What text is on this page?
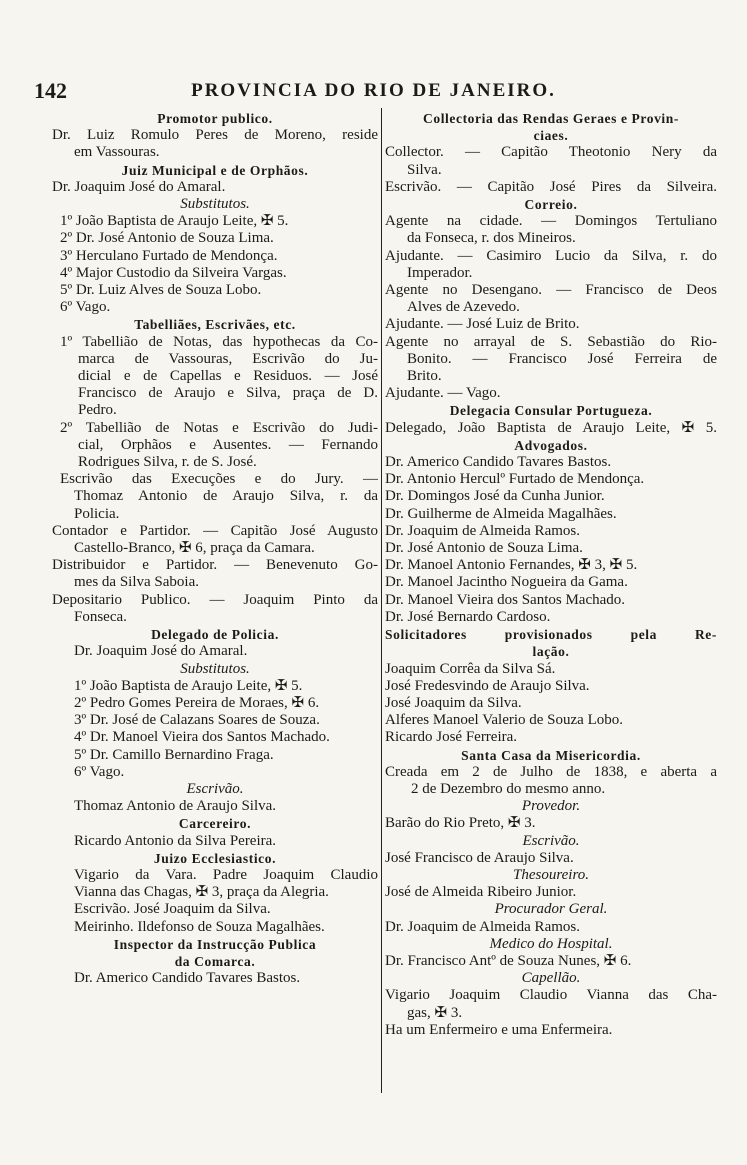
142	PROVINCIA DO RIO DE JANEIRO.
Promotor publico.
Dr. Luiz Romulo Peres de Moreno, reside
em Vassouras.
Juiz Municipal e de Orphãos.
Dr. Joaquim José do Amaral.
Substitutos.
1º João Baptista de Araujo Leite, ✠ 5.
2º Dr. José Antonio de Souza Lima.
3º Herculano Furtado de Mendonça.
4º Major Custodio da Silveira Vargas.
5º Dr. Luiz Alves de Souza Lobo.
6º Vago.
Tabelliães, Escrivães, etc.
1º Tabellião de Notas, das hypothecas da Co-
marca de Vassouras, Escrivão do Ju-
dicial e de Capellas e Residuos. — José
Francisco de Araujo e Silva, praça de D.
Pedro.
2º Tabellião de Notas e Escrivão do Judi-
cial, Orphãos e Ausentes. — Fernando
Rodrigues Silva, r. de S. José.
Escrivão das Execuções e do Jury. —
Thomaz Antonio de Araujo Silva, r. da
Policia.
Contador e Partidor. — Capitão José Augusto
Castello-Branco, ✠ 6, praça da Camara.
Distribuidor e Partidor. — Benevenuto Go-
mes da Silva Saboia.
Depositario Publico. — Joaquim Pinto da
Fonseca.
Delegado de Policia.
Dr. Joaquim José do Amaral.
Substitutos.
1º João Baptista de Araujo Leite, ✠ 5.
2º Pedro Gomes Pereira de Moraes, ✠ 6.
3º Dr. José de Calazans Soares de Souza.
4º Dr. Manoel Vieira dos Santos Machado.
5º Dr. Camillo Bernardino Fraga.
6º Vago.
Escrivão.
Thomaz Antonio de Araujo Silva.
Carcereiro.
Ricardo Antonio da Silva Pereira.
Juizo Ecclesiastico.
Vigario da Vara. Padre Joaquim Claudio
Vianna das Chagas, ✠ 3, praça da Alegria.
Escrivão. José Joaquim da Silva.
Meirinho. Ildefonso de Souza Magalhães.
Inspector da Instrucção Publica
da Comarca.
Dr. Americo Candido Tavares Bastos.
Collectoria das Rendas Geraes e Provin-
ciaes.
Collector. — Capitão Theotonio Nery da
Silva.
Escrivão. — Capitão José Pires da Silveira.
Correio.
Agente na cidade. — Domingos Tertuliano
da Fonseca, r. dos Mineiros.
Ajudante. — Casimiro Lucio da Silva, r. do
Imperador.
Agente no Desengano. — Francisco de Deos
Alves de Azevedo.
Ajudante. — José Luiz de Brito.
Agente no arrayal de S. Sebastião do Rio-
Bonito. — Francisco José Ferreira de
Brito.
Ajudante. — Vago.
Delegacia Consular Portugueza.
Delegado, João Baptista de Araujo Leite, ✠ 5.
Advogados.
Dr. Americo Candido Tavares Bastos.
Dr. Antonio Herculº Furtado de Mendonça.
Dr. Domingos José da Cunha Junior.
Dr. Guilherme de Almeida Magalhães.
Dr. Joaquim de Almeida Ramos.
Dr. José Antonio de Souza Lima.
Dr. Manoel Antonio Fernandes, ✠ 3, ✠ 5.
Dr. Manoel Jacintho Nogueira da Gama.
Dr. Manoel Vieira dos Santos Machado.
Dr. José Bernardo Cardoso.
Solicitadores provisionados pela Re-
lação.
Joaquim Corrêa da Silva Sá.
José Fredesvindo de Araujo Silva.
José Joaquim da Silva.
Alferes Manoel Valerio de Souza Lobo.
Ricardo José Ferreira.
Santa Casa da Misericordia.
Creada em 2 de Julho de 1838, e aberta a
2 de Dezembro do mesmo anno.
Provedor.
Barão do Rio Preto, ✠ 3.
Escrivão.
José Francisco de Araujo Silva.
Thesoureiro.
José de Almeida Ribeiro Junior.
Procurador Geral.
Dr. Joaquim de Almeida Ramos.
Medico do Hospital.
Dr. Francisco Antº de Souza Nunes, ✠ 6.
Capellão.
Vigario Joaquim Claudio Vianna das Cha-
gas, ✠ 3.
Ha um Enfermeiro e uma Enfermeira.
